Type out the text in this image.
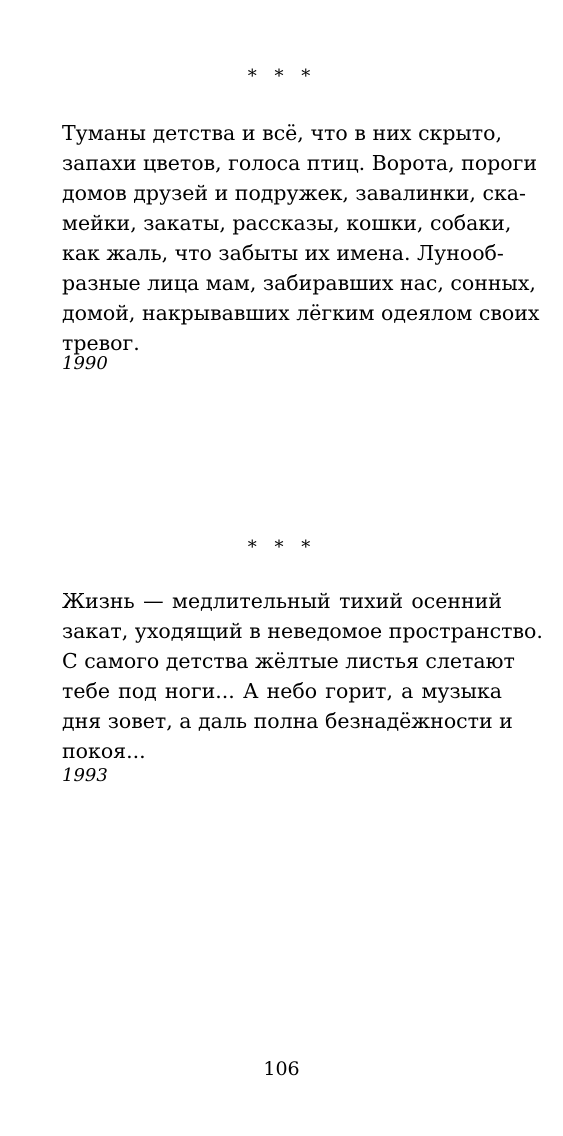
* * *
Туманы детства и всё, что в них скрыто,
запахи цветов, голоса птиц. Ворота, пороги
домов друзей и подружек, завалинки, ска-
мейки, закаты, рассказы, кошки, собаки,
как жаль, что забыты их имена. Лунооб-
разные лица мам, забиравших нас, сонных,
домой, накрывавших лёгким одеялом своих
тревог.
1990
* * *
Жизнь — медлительный тихий осенний
закат, уходящий в неведомое пространство.
С самого детства жёлтые листья слетают
тебе под ноги... А небо горит, а музыка
дня зовет, а даль полна безнадёжности и
покоя...
1993
106
